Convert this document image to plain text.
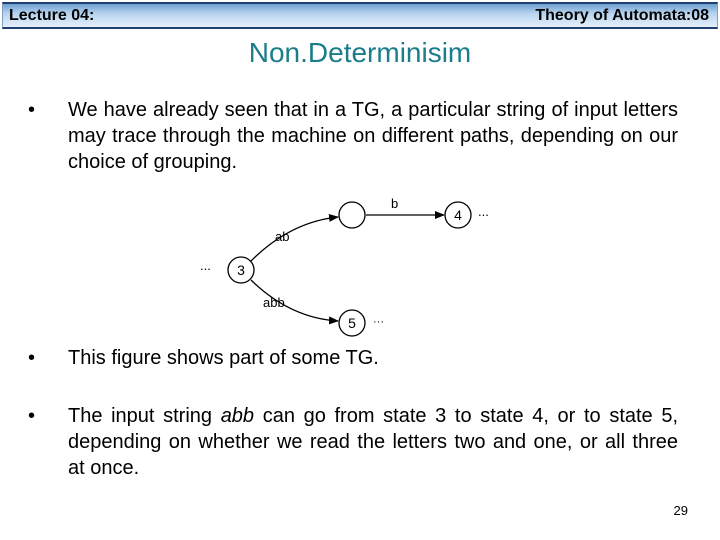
Lecture 04:	Theory of Automata:08
Non.Determinisim
•	We have already seen that in a TG, a particular string of input letters may trace through the machine on different paths, depending on our choice of grouping.
4
3
5
ab
b
abb
...
...
···
•	This figure shows part of some TG.
•	The input string abb can go from state 3 to state 4, or to state 5, depending on whether we read the letters two and one, or all three at once.
29
